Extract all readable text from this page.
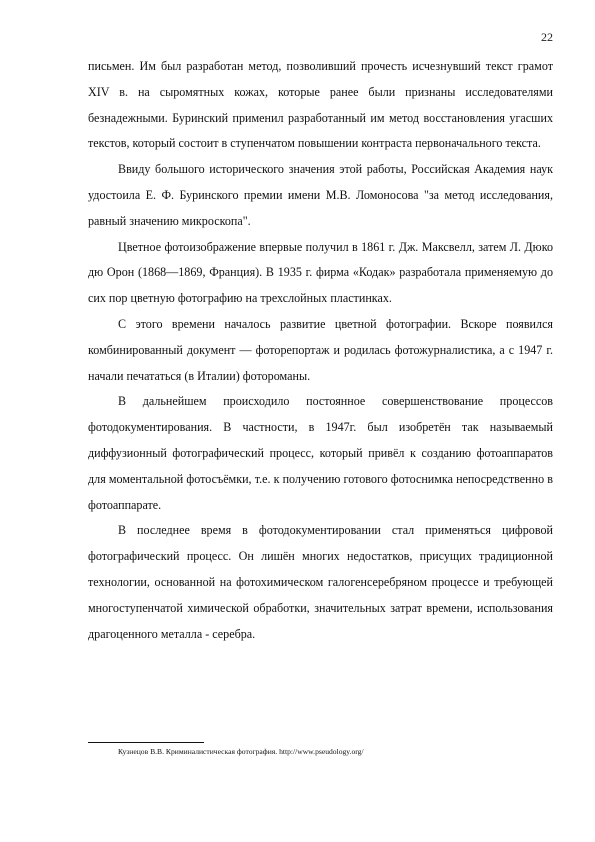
22

письмен. Им был разработан метод, позволивший прочесть исчезнувший текст грамот XIV в. на сыромятных кожах, которые ранее были признаны исследователями безнадежными. Буринский применил разработанный им метод восстановления угасших текстов, который состоит в ступенчатом повышении контраста первоначального текста.

Ввиду большого исторического значения этой работы, Российская Академия наук удостоила Е. Ф. Буринского премии имени М.В. Ломоносова "за метод исследования, равный значению микроскопа".

Цветное фотоизображение впервые получил в 1861 г. Дж. Максвелл, затем Л. Дюко дю Орон (1868—1869, Франция). В 1935 г. фирма «Кодак» разработала применяемую до сих пор цветную фотографию на трехслойных пластинках.

С этого времени началось развитие цветной фотографии. Вскоре появился комбинированный документ — фоторепортаж и родилась фотожурналистика, а с 1947 г. начали печататься (в Италии) фотороманы.

В дальнейшем происходило постоянное совершенствование процессов фотодокументирования. В частности, в 1947г. был изобретён так называемый диффузионный фотографический процесс, который привёл к созданию фотоаппаратов для моментальной фотосъёмки, т.е. к получению готового фотоснимка непосредственно в фотоаппарате.

В последнее время в фотодокументировании стал применяться цифровой фотографический процесс. Он лишён многих недостатков, присущих традиционной технологии, основанной на фотохимическом галогенсеребряном процессе и требующей многоступенчатой химической обработки, значительных затрат времени, использования драгоценного металла - серебра.

Кузнецов В.В. Криминалистическая фотография. http://www.pseudology.org/
